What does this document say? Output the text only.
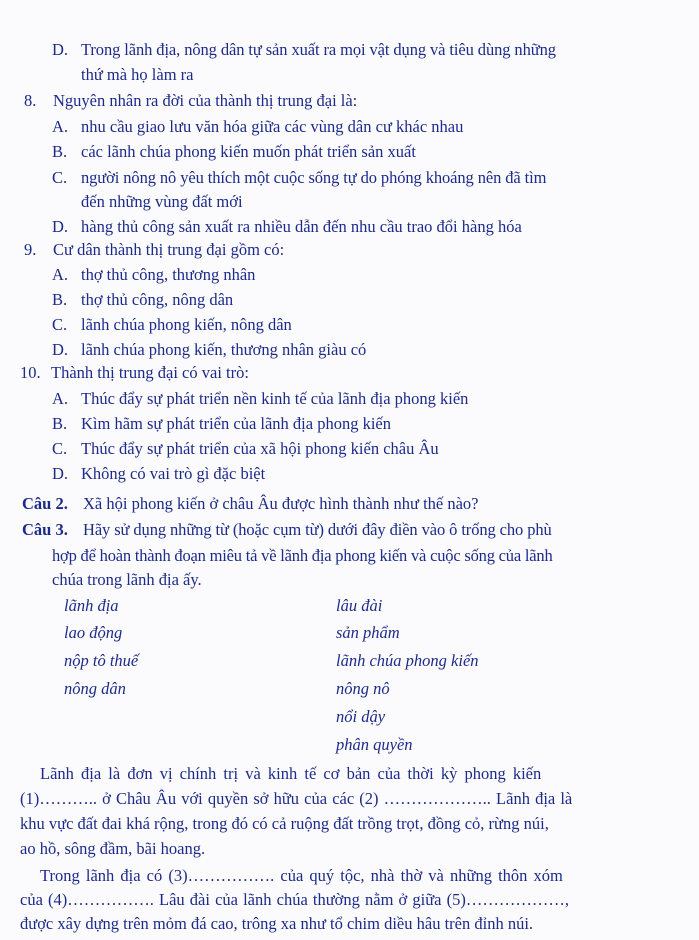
D. Trong lãnh địa, nông dân tự sản xuất ra mọi vật dụng và tiêu dùng những
thứ mà họ làm ra
8. Nguyên nhân ra đời của thành thị trung đại là:
A. nhu cầu giao lưu văn hóa giữa các vùng dân cư khác nhau
B. các lãnh chúa phong kiến muốn phát triển sản xuất
C. người nông nô yêu thích một cuộc sống tự do phóng khoáng nên đã tìm
đến những vùng đất mới
D. hàng thủ công sản xuất ra nhiều dẫn đến nhu cầu trao đổi hàng hóa
9. Cư dân thành thị trung đại gồm có:
A. thợ thủ công, thương nhân
B. thợ thủ công, nông dân
C. lãnh chúa phong kiến, nông dân
D. lãnh chúa phong kiến, thương nhân giàu có
10. Thành thị trung đại có vai trò:
A. Thúc đẩy sự phát triển nền kinh tế của lãnh địa phong kiến
B. Kìm hãm sự phát triển của lãnh địa phong kiến
C. Thúc đẩy sự phát triển của xã hội phong kiến châu Âu
D. Không có vai trò gì đặc biệt
Câu 2. Xã hội phong kiến ở châu Âu được hình thành như thế nào?
Câu 3. Hãy sử dụng những từ (hoặc cụm từ) dưới đây điền vào ô trống cho phù
hợp để hoàn thành đoạn miêu tả về lãnh địa phong kiến và cuộc sống của lãnh
chúa trong lãnh địa ấy.
lãnh địa
lao động
nộp tô thuế
nông dân
lâu đài
sản phẩm
lãnh chúa phong kiến
nông nô
nổi dậy
phân quyền
Lãnh địa là đơn vị chính trị và kinh tế cơ bản của thời kỳ phong kiến
(1)……….. ở Châu Âu với quyền sở hữu của các (2) ……………….. Lãnh địa là
khu vực đất đai khá rộng, trong đó có cả ruộng đất trồng trọt, đồng cỏ, rừng núi,
ao hồ, sông đầm, bãi hoang.
Trong lãnh địa có (3)……………. của quý tộc, nhà thờ và những thôn xóm
của (4)……………. Lâu đài của lãnh chúa thường nằm ở giữa (5)………………,
được xây dựng trên mỏm đá cao, trông xa như tổ chim diều hâu trên đỉnh núi.
